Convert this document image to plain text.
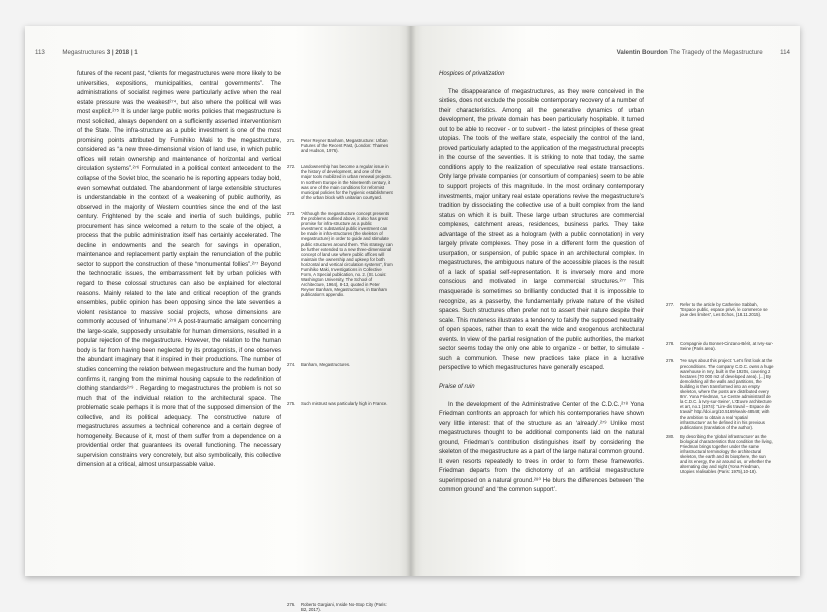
113	Megastructures 3 | 2018 | 1

futures of the recent past, “clients for megastructures were more likely to be universities, expositions, municipalities, central governments”. The administrations of socialist regimes were particularly active when the real estate pressure was the weakest²⁷⁴, but also where the political will was most explicit.²⁷⁵ It is under large public works policies that megastructure is most solicited, always dependent on a sufficiently asserted interventionism of the State. The infra-structure as a public investment is one of the most promising points attributed by Fumihiko Maki to the megastructure, considered as “a new three-dimensional vision of land use, in which public offices will retain ownership and maintenance of horizontal and vertical circulation systems”.²⁷⁶ Formulated in a political context antecedent to the collapse of the Soviet bloc, the scenario he is reporting appears today bold, even somewhat outdated. The abandonment of large extensible structures is understandable in the context of a weakening of public authority, as observed in the majority of Western countries since the end of the last century. Frightened by the scale and inertia of such buildings, public procurement has since welcomed a return to the scale of the object, a process that the public administration itself has certainly accelerated. The decline in endowments and the search for savings in operation, maintenance and replacement partly explain the renunciation of the public sector to support the construction of these “monumental follies”.²⁷⁷ Beyond the technocratic issues, the embarrassment felt by urban policies with regard to these colossal structures can also be explained for electoral reasons. Mainly related to the late and critical reception of the grands ensembles, public opinion has been opposing since the late seventies a violent resistance to massive social projects, whose dimensions are commonly accused of ‘inhumane’.²⁷⁸ A post-traumatic amalgam concerning the large-scale, supposedly unsuitable for human dimensions, resulted in a popular rejection of the megastructure. However, the relation to the human body is far from having been neglected by its protagonists, if one observes the abundant imaginary that it inspired in their productions. The number of studies concerning the relation between megastructure and the human body confirms it, ranging from the minimal housing capsule to the redefinition of clothing standards²⁷⁹ . Regarding to megastructures the problem is not so much that of the individual relation to the architectural space. The problematic scale perhaps it is more that of the supposed dimension of the collective, and its political adequacy. The constructive nature of megastructures assumes a technical coherence and a certain degree of homogeneity. Because of it, most of them suffer from a dependence on a providential order that guarantees its overall functioning. The necessary supervision constrains very concretely, but also symbolically, this collective dimension at a critical, almost unsurpassable value.

271.	Peter Reyner Banham, Megastructure: Urban Futures of the Recent Past, (London: Thames and Hudson, 1976).
272.	Landownership has become a regular issue in the history of development, and one of the major tools mobilized in urban renewal projects. In northern Europe in the Nineteenth century, it was one of the main conditions for reformist municipal policies for the hygienic establishment of the urban block with unitarian courtyard.
273.	“Although the megastructure concept presents the problems outlined above, it also has great promise for infra-structure as a public investment: substantial public investment can be made in infra-structures (the skeleton of megastructure) in order to guide and stimulate public structures around them. This strategy can be further extended to a new three-dimensional concept of land use where public offices will maintain the ownership and upkeep for both horizontal and vertical circulation systems”, from Fumihiko Maki, Investigations in Collective Form, A Special publication, no. 2. (St. Louis: Washington University, The School of Architecture, 1964), 8-13, quoted in Peter Reyner Banham, Megastructures, in Banham publication’s appendix.
274.	Banham, Megastructures.
275.	Such mistrust was particularly high in France.
276.	Roberto Gargiani, Inside No-Stop City (Paris: B2, 2017).
Valentin Bourdon The Tragedy of the Megastructure	114

Hospices of privatization

The disappearance of megastructures, as they were conceived in the sixties, does not exclude the possible contemporary recovery of a number of their characteristics. Among all the generative dynamics of urban development, the private domain has been particularly hospitable. It turned out to be able to recover - or to subvert - the latest principles of these great utopias. The tools of the welfare state, especially the control of the land, proved particularly adapted to the application of the megastructural precepts in the course of the seventies. It is striking to note that today, the same conditions apply to the realization of speculative real estate transactions. Only large private companies (or consortium of companies) seem to be able to support projects of this magnitude. In the most ordinary contemporary investments, major unitary real estate operations revive the megastructure’s tradition by dissociating the collective use of a built complex from the land status on which it is built. These large urban structures are commercial complexes, catchment areas, residences, business parks. They take advantage of the street as a hologram (with a public connotation) in very largely private complexes. They pose in a different form the question of usurpation, or suspension, of public space in an architectural complex. In megastructures, the ambiguous nature of the accessible places is the result of a lack of spatial self-representation. It is inversely more and more conscious and motivated in large commercial structures.²⁷⁷ This masquerade is sometimes so brilliantly conducted that it is impossible to recognize, as a passerby, the fundamentally private nature of the visited spaces. Such structures often prefer not to assert their nature despite their scale. This muteness illustrates a tendency to falsify the supposed neutrality of open spaces, rather than to exalt the wide and exogenous architectural events. In view of the partial resignation of the public authorities, the market sector seems today the only one able to organize - or better, to simulate - such a communion. These new practices take place in a lucrative perspective to which megastructures have generally escaped.

Praise of ruin

In the development of the Administrative Center of the C.D.C.,²⁷⁸ Yona Friedman confronts an approach for which his contemporaries have shown very little interest: that of the structure as an ‘already’.²⁷⁹ Unlike most megastructures thought to be additional components laid on the natural ground, Friedman’s contribution distinguishes itself by considering the skeleton of the megastructure as a part of the large natural common ground. It even resorts repeatedly to trees in order to form these frameworks. Friedman departs from the dichotomy of an artificial megastructure superimposed on a natural ground.²⁸⁰ He blurs the differences between ‘the common ground’ and ‘the common support’.

277.	Refer to the article by Catherine Sabbah, “Espace public, espace privé, le commerce se joue des limites”, Les Echos, (18.11.2015).
278.	Compagnie du Bonnet-Cinzano-Bérit, at Ivry-sur-Seine (Paris area).
279.	“He says about this project: ‘Let’s first look at the preconditions. The company C.D.C. owns a huge warehouse in Ivry, built in the 1920s, covering 2 hectares (70 000 m2 of developed area). [...] By demolishing all the walls and partitions, the building is then transformed into an empty skeleton, where the posts are distributed every 8m’. Yona Friedman, ‘Le Centre administratif de la C.D.C. à Ivry-sur-Seine’, L’Œuvre architecture et art, no.1 (1974): “Lire-dis travail – Espace de travail” http://doi.org/10.5169/seals-48548; with the ambition to obtain a real ‘spatial infrastructure’ as he defined it in his previous publications (translation of the author).
280.	By describing the ‘global infrastructure’ as the biological characteristics that condition the living, Friedman brings together under the same infrastructural terminology the architectural skeleton, the earth and its biosphere, the sun and its energy, the air around us, or whether the alternating day and night (Yona Friedman, Utopies réalisables (Paris: 1975),10-18).
